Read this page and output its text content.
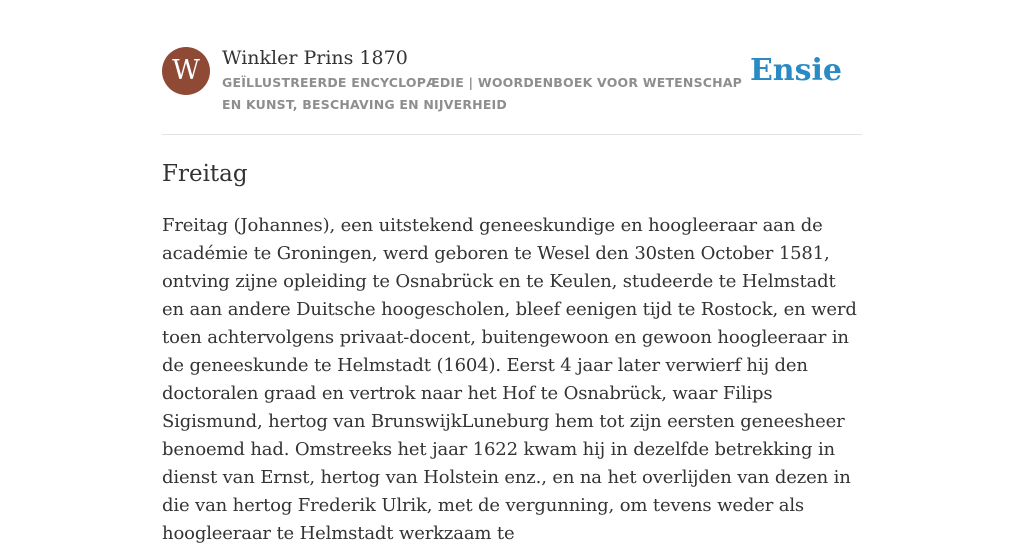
W	Winkler Prins 1870
GEÏLLUSTREERDE ENCYCLOPÆDIE | WOORDENBOEK VOOR WETENSCHAP EN KUNST, BESCHAVING EN NIJVERHEID
Ensie
Freitag

Freitag (Johannes), een uitstekend geneeskundige en hoogleeraar aan de académie te Groningen, werd geboren te Wesel den 30sten October 1581, ontving zijne opleiding te Osnabrück en te Keulen, studeerde te Helmstadt en aan andere Duitsche hoogescholen, bleef eenigen tijd te Rostock, en werd toen achtervolgens privaat-docent, buitengewoon en gewoon hoogleeraar in de geneeskunde te Helmstadt (1604). Eerst 4 jaar later verwierf hij den doctoralen graad en vertrok naar het Hof te Osnabrück, waar Filips Sigismund, hertog van BrunswijkLuneburg hem tot zijn eersten geneesheer benoemd had. Omstreeks het jaar 1622 kwam hij in dezelfde betrekking in dienst van Ernst, hertog van Holstein enz., en na het overlijden van dezen in die van hertog Frederik Ulrik, met de vergunning, om tevens weder als hoogleeraar te Helmstadt werkzaam te
